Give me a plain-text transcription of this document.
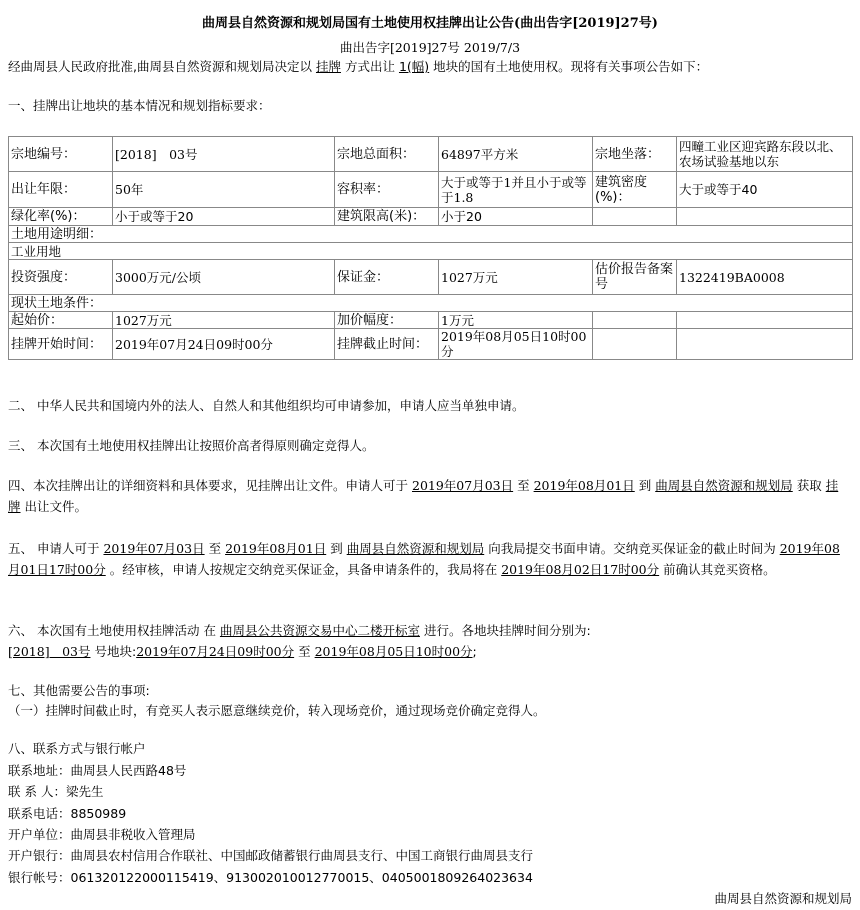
曲周县自然资源和规划局国有土地使用权挂牌出让公告(曲出告字[2019]27号)
曲出告字[2019]27号 2019/7/3
经曲周县人民政府批准,曲周县自然资源和规划局决定以 挂牌 方式出让 1(幅) 地块的国有土地使用权。现将有关事项公告如下：
一、挂牌出让地块的基本情况和规划指标要求：
宗地编号：	[2018]　03号	宗地总面积：	64897平方米	宗地坐落：	四疃工业区迎宾路东段以北、农场试验基地以东
出让年限：	50年	容积率：	大于或等于1并且小于或等于1.8	建筑密度(%)：	大于或等于40
绿化率(%)：	小于或等于20	建筑限高(米)：	小于20		
土地用途明细：					
工业用地					
投资强度：	3000万元/公顷	保证金：	1027万元	估价报告备案号	1322419BA0008
现状土地条件：					
起始价：	1027万元	加价幅度：	1万元		
挂牌开始时间：	2019年07月24日09时00分	挂牌截止时间：	2019年08月05日10时00分		
二、 中华人民共和国境内外的法人、自然人和其他组织均可申请参加，申请人应当单独申请。
三、 本次国有土地使用权挂牌出让按照价高者得原则确定竞得人。
四、本次挂牌出让的详细资料和具体要求，见挂牌出让文件。申请人可于 2019年07月03日 至 2019年08月01日 到 曲周县自然资源和规划局 获取 挂牌 出让文件。
五、 申请人可于 2019年07月03日 至 2019年08月01日 到 曲周县自然资源和规划局 向我局提交书面申请。交纳竞买保证金的截止时间为 2019年08月01日17时00分 。经审核，申请人按规定交纳竞买保证金，具备申请条件的，我局将在 2019年08月02日17时00分 前确认其竞买资格。
六、 本次国有土地使用权挂牌活动 在 曲周县公共资源交易中心二楼开标室 进行。各地块挂牌时间分别为:
[2018]　03号 号地块:2019年07月24日09时00分 至 2019年08月05日10时00分;
七、其他需要公告的事项:
（一）挂牌时间截止时，有竞买人表示愿意继续竞价，转入现场竞价，通过现场竞价确定竞得人。
八、联系方式与银行帐户
联系地址：曲周县人民西路48号
联 系 人：梁先生
联系电话：8850989
开户单位：曲周县非税收入管理局
开户银行：曲周县农村信用合作联社、中国邮政储蓄银行曲周县支行、中国工商银行曲周县支行
银行帐号：061320122000115419、913002010012770015、0405001809264023634
曲周县自然资源和规划局
